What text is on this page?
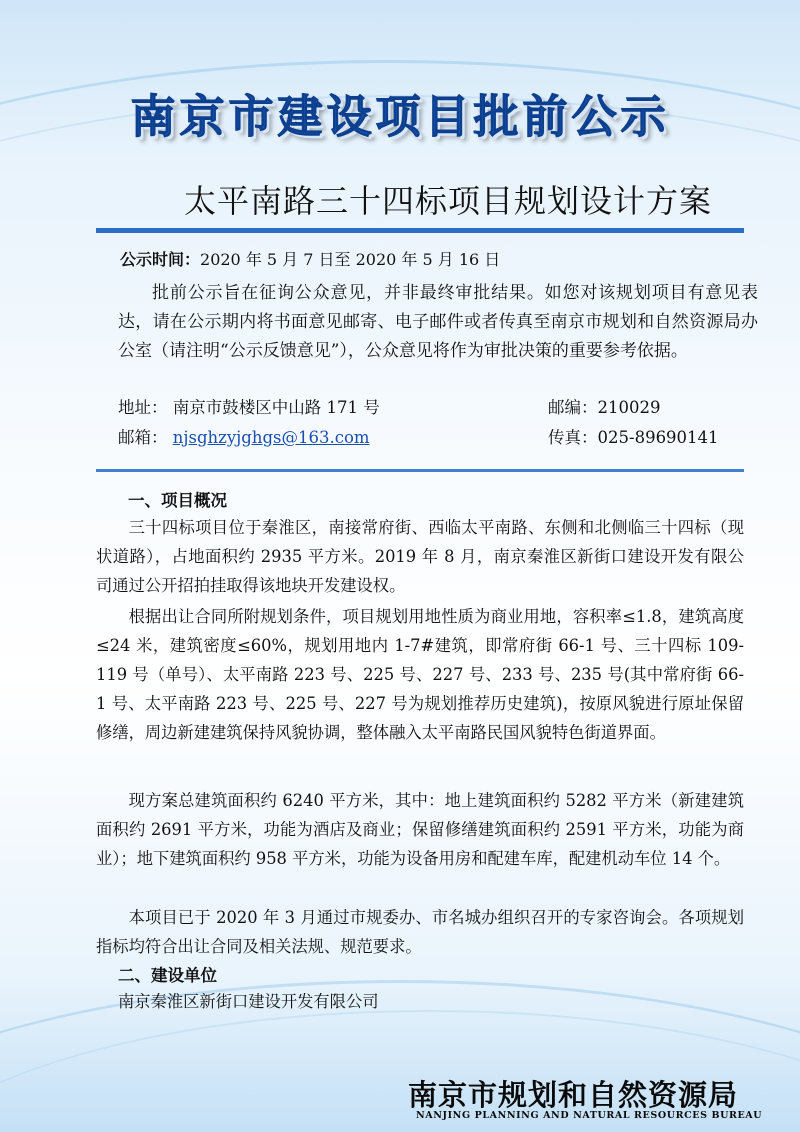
南京市建设项目批前公示
太平南路三十四标项目规划设计方案
公示时间：2020 年 5 月 7 日至 2020 年 5 月 16 日

批前公示旨在征询公众意见，并非最终审批结果。如您对该规划项目有意见表达，请在公示期内将书面意见邮寄、电子邮件或者传真至南京市规划和自然资源局办公室（请注明“公示反馈意见”），公众意见将作为审批决策的重要参考依据。

地址： 南京市鼓楼区中山路 171 号	邮编：210029
邮箱： njsghzyjghgs@163.com	传真：025-89690141
一、项目概况

三十四标项目位于秦淮区，南接常府街、西临太平南路、东侧和北侧临三十四标（现状道路），占地面积约 2935 平方米。2019 年 8 月，南京秦淮区新街口建设开发有限公司通过公开招拍挂取得该地块开发建设权。

根据出让合同所附规划条件，项目规划用地性质为商业用地，容积率≤1.8，建筑高度≤24 米，建筑密度≤60%，规划用地内 1-7#建筑，即常府街 66-1 号、三十四标 109-119 号（单号）、太平南路 223 号、225 号、227 号、233 号、235 号(其中常府街 66-1 号、太平南路 223 号、225 号、227 号为规划推荐历史建筑)，按原风貌进行原址保留修缮，周边新建建筑保持风貌协调，整体融入太平南路民国风貌特色街道界面。

现方案总建筑面积约 6240 平方米，其中：地上建筑面积约 5282 平方米（新建建筑面积约 2691 平方米，功能为酒店及商业；保留修缮建筑面积约 2591 平方米，功能为商业）；地下建筑面积约 958 平方米，功能为设备用房和配建车库，配建机动车位 14 个。

本项目已于 2020 年 3 月通过市规委办、市名城办组织召开的专家咨询会。各项规划指标均符合出让合同及相关法规、规范要求。

二、建设单位
南京秦淮区新街口建设开发有限公司
南京市规划和自然资源局
NANJING PLANNING AND NATURAL RESOURCES BUREAU
